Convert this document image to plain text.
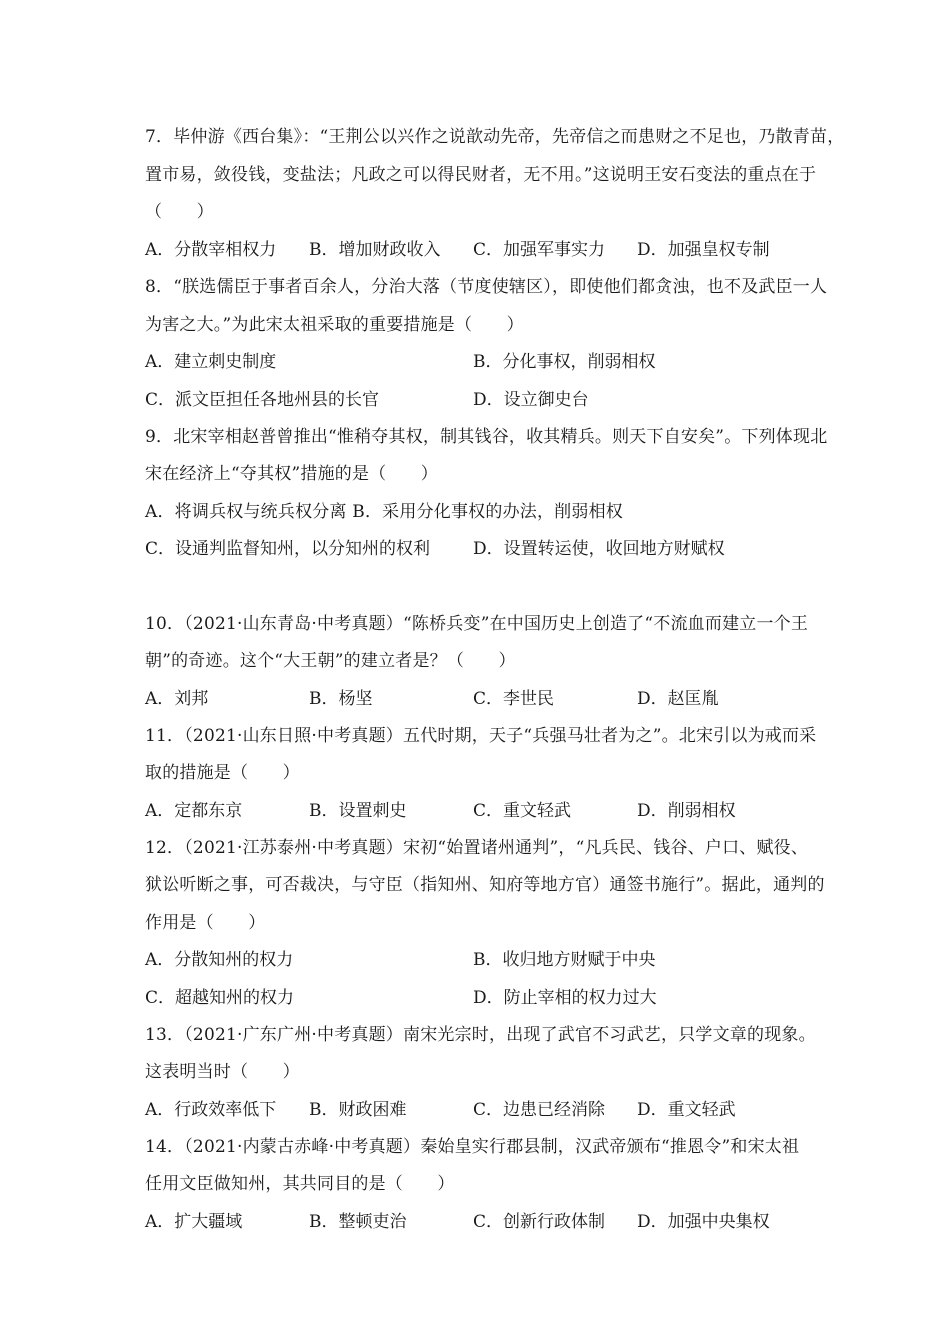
7．毕仲游《西台集》：“王荆公以兴作之说歆动先帝，先帝信之而患财之不足也，乃散青苗，
置市易，敛役钱，变盐法；凡政之可以得民财者，无不用。”这说明王安石变法的重点在于
（　　）
A．分散宰相权力 B．增加财政收入 C．加强军事实力 D．加强皇权专制
8．“朕选儒臣于事者百余人，分治大落（节度使辖区），即使他们都贪浊，也不及武臣一人
为害之大。”为此宋太祖采取的重要措施是（　　）
A．建立刺史制度	B．分化事权，削弱相权
C．派文臣担任各地州县的长官	D．设立御史台
9．北宋宰相赵普曾推出“惟稍夺其权，制其钱谷，收其精兵。则天下自安矣”。下列体现北
宋在经济上“夺其权”措施的是（　　）
A．将调兵权与统兵权分离 B．采用分化事权的办法，削弱相权
C．设通判监督知州，以分知州的权利	D．设置转运使，收回地方财赋权
10．（2021·山东青岛·中考真题）“陈桥兵变”在中国历史上创造了“不流血而建立一个王
朝”的奇迹。这个“大王朝”的建立者是？（　　）
A．刘邦	B．杨坚	C．李世民	D．赵匡胤
11．（2021·山东日照·中考真题）五代时期，天子“兵强马壮者为之”。北宋引以为戒而采
取的措施是（　　）
A．定都东京	B．设置刺史	C．重文轻武	D．削弱相权
12．（2021·江苏泰州·中考真题）宋初“始置诸州通判”，“凡兵民、钱谷、户口、赋役、
狱讼听断之事，可否裁决，与守臣（指知州、知府等地方官）通签书施行”。据此，通判的
作用是（　　）
A．分散知州的权力	B．收归地方财赋于中央
C．超越知州的权力	D．防止宰相的权力过大
13．（2021·广东广州·中考真题）南宋光宗时，出现了武官不习武艺，只学文章的现象。
这表明当时（　　）
A．行政效率低下 B．财政困难	C．边患已经消除 D．重文轻武
14．（2021·内蒙古赤峰·中考真题）秦始皇实行郡县制，汉武帝颁布“推恩令”和宋太祖
任用文臣做知州，其共同目的是（　　）
A．扩大疆域	B．整顿吏治	C．创新行政体制 D．加强中央集权
